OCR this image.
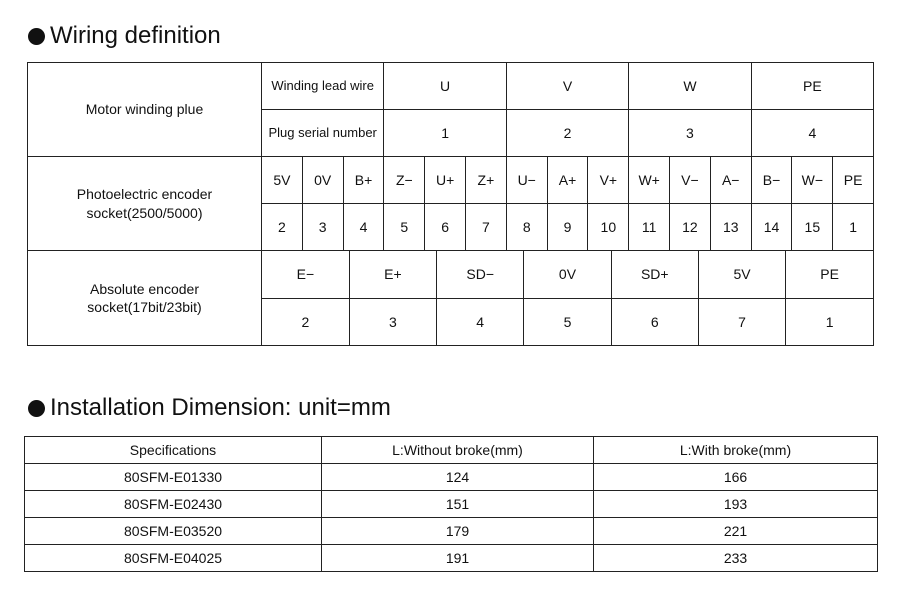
Wiring definition
Motor winding plue	Winding lead wire	U	V	W	PE
Plug serial number	1	2	3	4

Photoelectric encoder
socket(2500/5000)
	5V	0V	B+	Z−	U+	Z+	U−	A+	V+	W+	V−	A−	B−	W−	PE
2	3	4	5	6	7	8	9	10	11	12	13	14	15	1

Absolute encoder
socket(17bit/23bit)

E−	E+	SD−	0V	SD+	5V	PE
2	3	4	5	6	7	1
Installation Dimension: unit=mm
Specifications	L:Without broke(mm)	L:With broke(mm)
80SFM-E01330	124	166
80SFM-E02430	151	193
80SFM-E03520	179	221
80SFM-E04025	191	233
